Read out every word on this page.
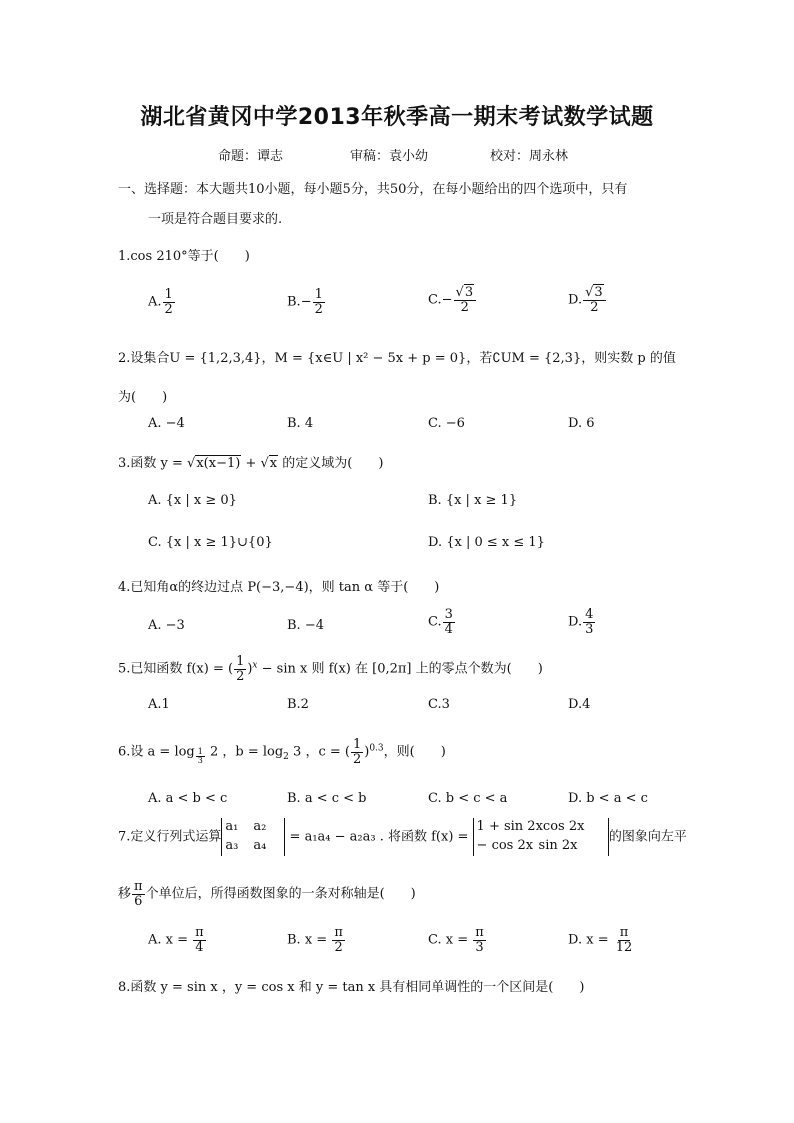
湖北省黄冈中学2013年秋季高一期末考试数学试题
命题：谭志	审稿：袁小幼	校对：周永林
一、选择题：本大题共10小题，每小题5分，共50分，在每小题给出的四个选项中，只有
一项是符合题目要求的.
1.cos 210°等于(　　)
A. $\frac{1}{2}$	$B.- \frac{1}{2}$	$C.- \frac{√3}{2}$	D. $\frac{√3}{2}$
2.设集合U = {1,2,3,4}，M = {x∈U | x² − 5x + p = 0}，若∁UM = {2,3}，则实数 p 的值
为(　　)
A. −4	B. 4	C. −6	D. 6
3.函数 y = √x(x−1) + √x 的定义域为(　　)
A. {x | x ≥ 0}	B. {x | x ≥ 1}
C. {x | x ≥ 1}∪{0}	D. {x | 0 ≤ x ≤ 1}
4.已知角α的终边过点 P(−3,−4)，则 tan α 等于(　　)
A. −3	B. −4	C. $\frac{3}{4}$	D. $\frac{4}{3}$
5.已知函数 f(x) = ( $\frac{1}{2} )^x - \sin x$ 则 f(x) 在 [0,2π] 上的零点个数为(　　)
A.1	B.2	C.3	D.4
6.设 a = log $_{\frac{1}{3}}$ 2 ，$b = \log_2 3$ ，c = ( $\frac{1}{2} )^{0.3}$，则(　　)
A. a < b < c	B. a < c < b	C. b < c < a	D. b < a < c
7.定义行列式运算
a₁ a₂
a₃ a₄
= a₁a₄ − a₂a₃ . 将函数 f(x) =
1 + sin 2xcos 2x
− cos 2x sin 2x
的图象向左平
移 $\frac{\pi}{6}$ 个单位后，所得函数图象的一条对称轴是(　　)
A. $x = \frac{\pi}{4}$	B. $x = \frac{\pi}{2}$	C. $x = \frac{\pi}{3}$	D. $x = \frac{\pi}{12}$
8.函数 y = sin x ，y = cos x 和 y = tan x 具有相同单调性的一个区间是(　　)
